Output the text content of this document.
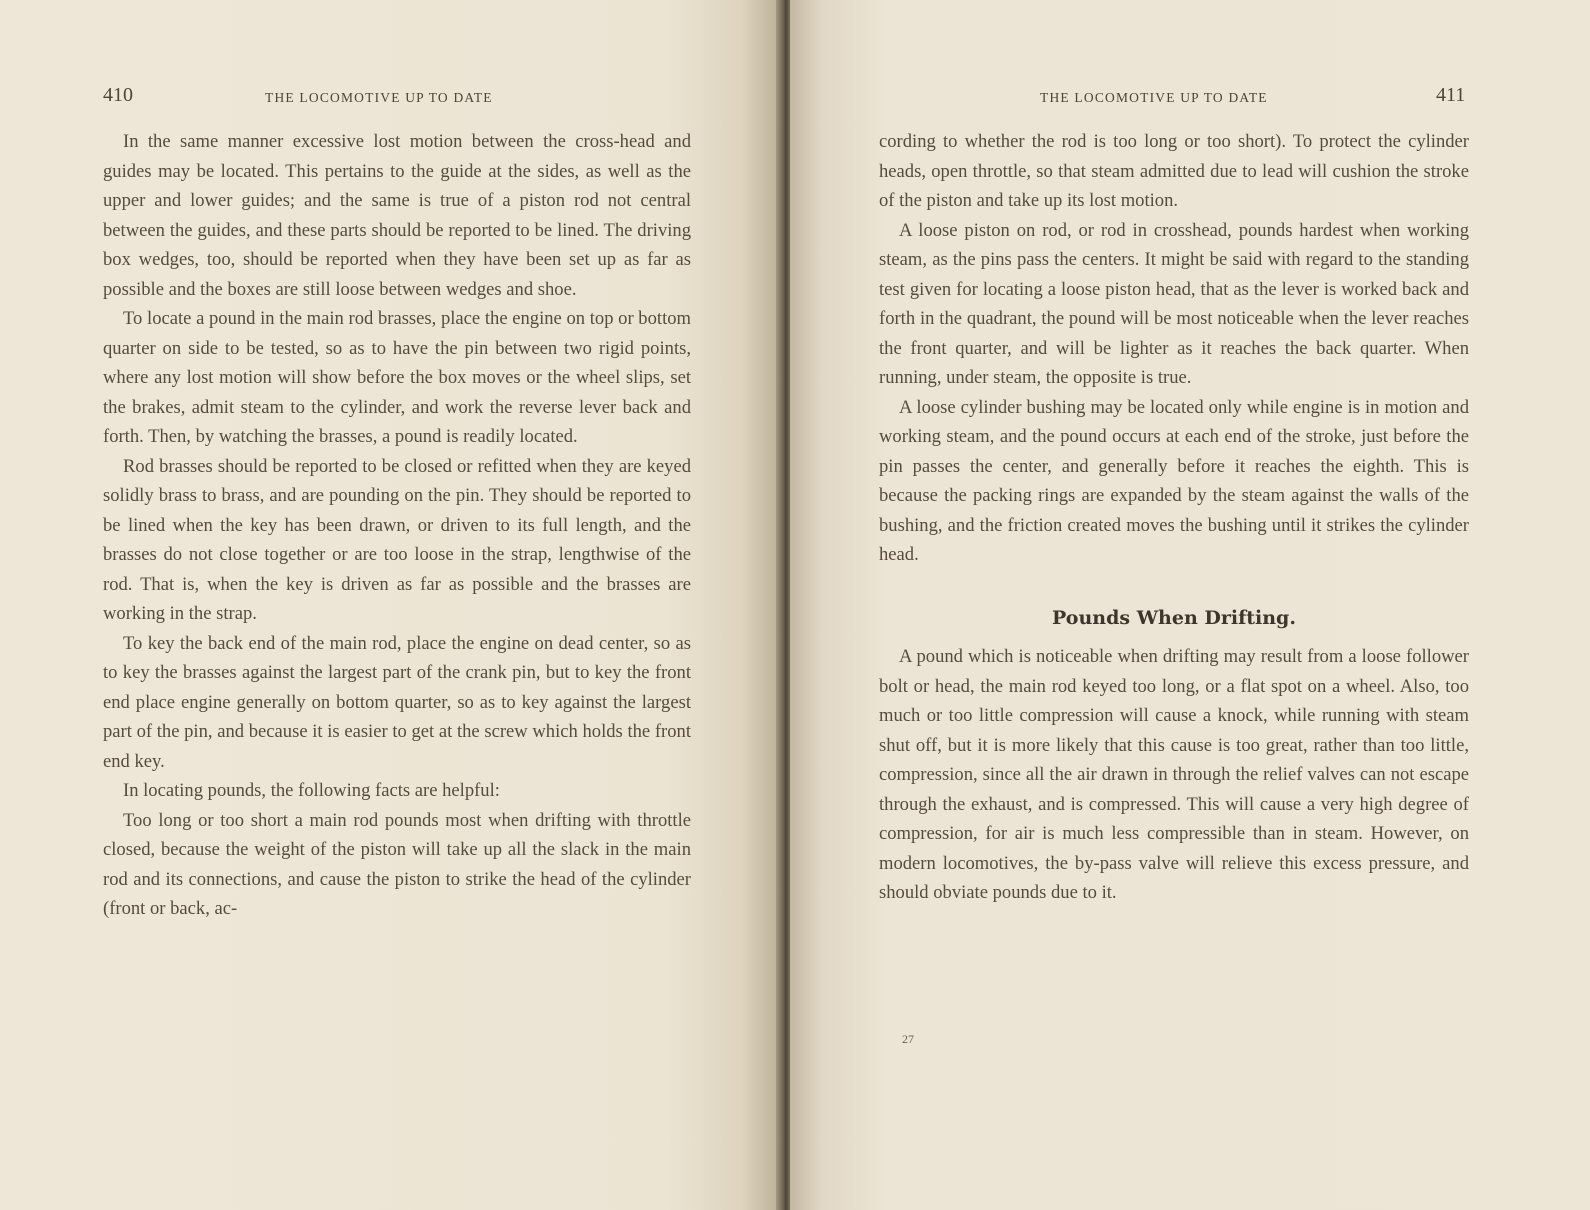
410	THE LOCOMOTIVE UP TO DATE

In the same manner excessive lost motion between the cross-head and guides may be located. This pertains to the guide at the sides, as well as the upper and lower guides; and the same is true of a piston rod not central between the guides, and these parts should be reported to be lined. The driving box wedges, too, should be reported when they have been set up as far as possible and the boxes are still loose between wedges and shoe.

To locate a pound in the main rod brasses, place the engine on top or bottom quarter on side to be tested, so as to have the pin between two rigid points, where any lost motion will show before the box moves or the wheel slips, set the brakes, admit steam to the cylinder, and work the reverse lever back and forth. Then, by watching the brasses, a pound is readily located.

Rod brasses should be reported to be closed or refitted when they are keyed solidly brass to brass, and are pounding on the pin. They should be reported to be lined when the key has been drawn, or driven to its full length, and the brasses do not close together or are too loose in the strap, lengthwise of the rod. That is, when the key is driven as far as possible and the brasses are working in the strap.

To key the back end of the main rod, place the engine on dead center, so as to key the brasses against the largest part of the crank pin, but to key the front end place engine generally on bottom quarter, so as to key against the largest part of the pin, and because it is easier to get at the screw which holds the front end key.

In locating pounds, the following facts are helpful:

Too long or too short a main rod pounds most when drifting with throttle closed, because the weight of the piston will take up all the slack in the main rod and its connections, and cause the piston to strike the head of the cylinder (front or back, ac-

THE LOCOMOTIVE UP TO DATE	411

cording to whether the rod is too long or too short). To protect the cylinder heads, open throttle, so that steam admitted due to lead will cushion the stroke of the piston and take up its lost motion.

A loose piston on rod, or rod in crosshead, pounds hardest when working steam, as the pins pass the centers. It might be said with regard to the standing test given for locating a loose piston head, that as the lever is worked back and forth in the quadrant, the pound will be most noticeable when the lever reaches the front quarter, and will be lighter as it reaches the back quarter. When running, under steam, the opposite is true.

A loose cylinder bushing may be located only while engine is in motion and working steam, and the pound occurs at each end of the stroke, just before the pin passes the center, and generally before it reaches the eighth. This is because the packing rings are expanded by the steam against the walls of the bushing, and the friction created moves the bushing until it strikes the cylinder head.

Pounds When Drifting.

A pound which is noticeable when drifting may result from a loose follower bolt or head, the main rod keyed too long, or a flat spot on a wheel. Also, too much or too little compression will cause a knock, while running with steam shut off, but it is more likely that this cause is too great, rather than too little, compression, since all the air drawn in through the relief valves can not escape through the exhaust, and is compressed. This will cause a very high degree of compression, for air is much less compressible than in steam. However, on modern locomotives, the by-pass valve will relieve this excess pressure, and should obviate pounds due to it.

27
